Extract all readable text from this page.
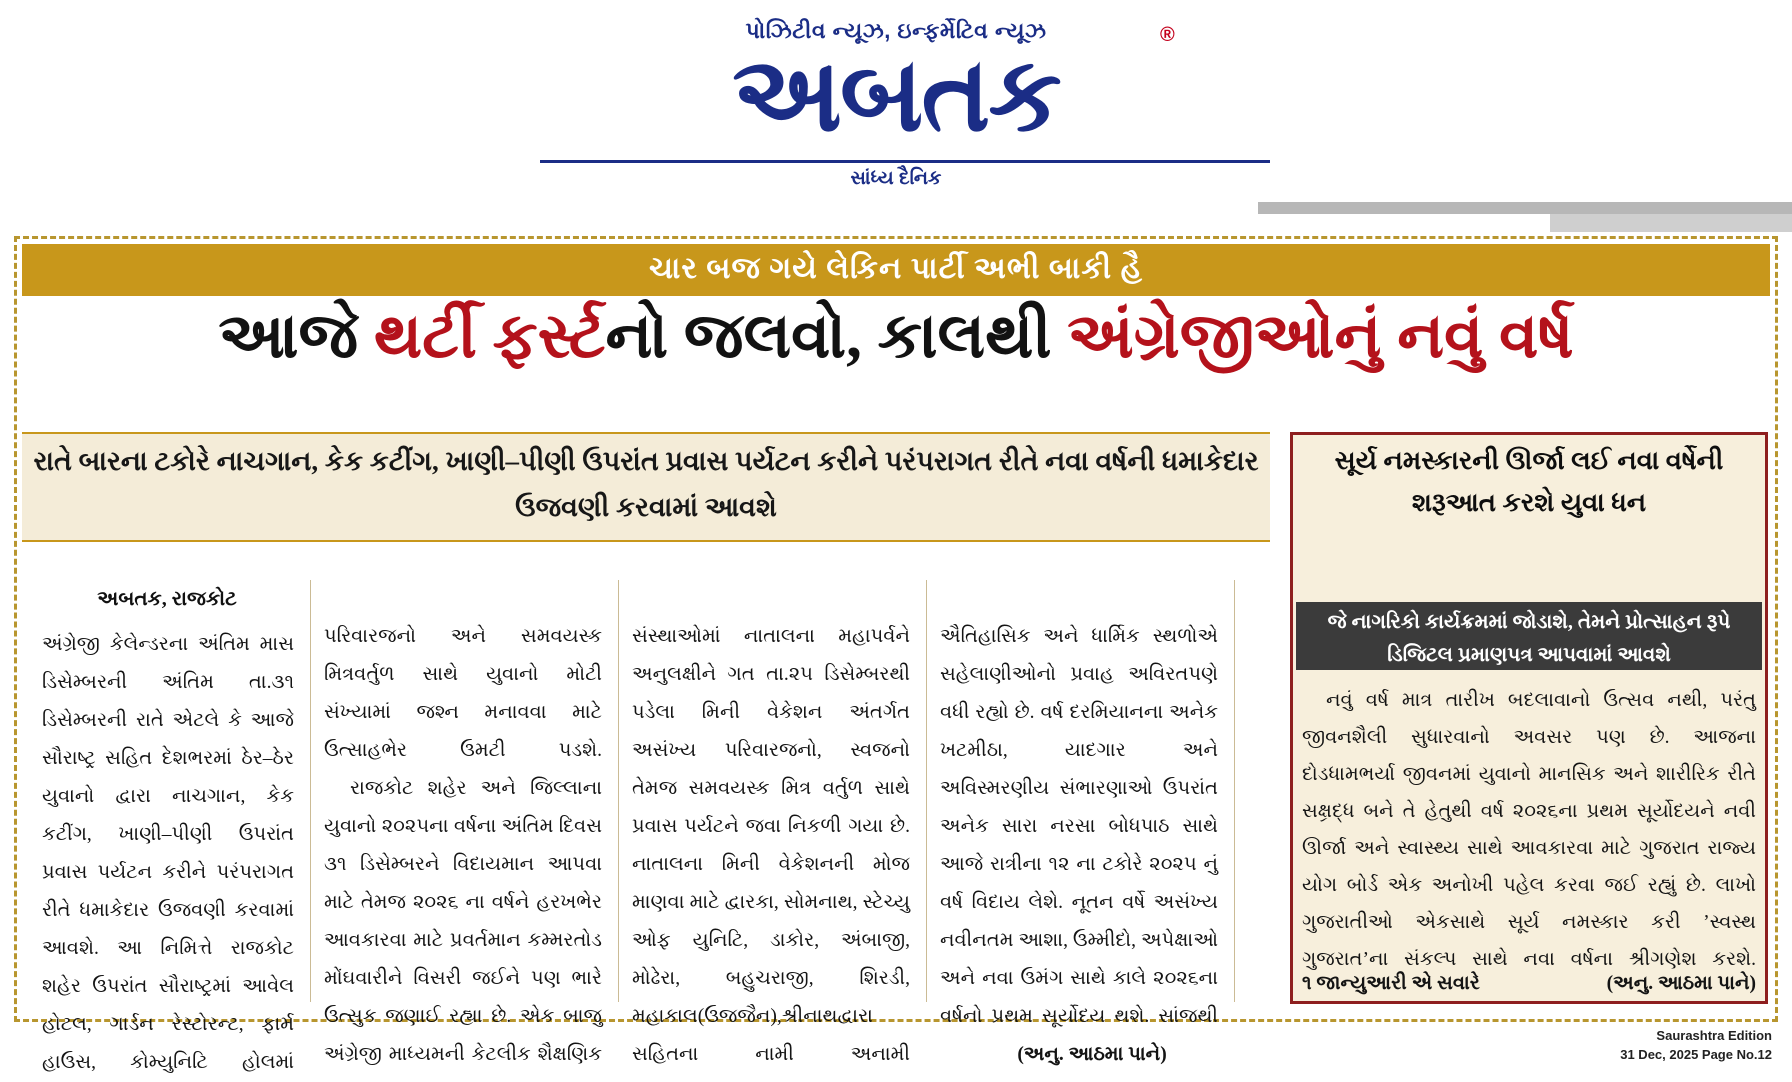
પોઝિટીવ ન્યૂઝ, ઇન્ફર્મેટિવ ન્યૂઝ
અબતક
®
સાંધ્ય દૈનિક
ચાર બજ ગયે લેકિન પાર્ટી અભી બાકી હૈ
આજે થર્ટી ફર્સ્ટનો જલવો, કાલથી અંગ્રેજીઓનું નવું વર્ષ
રાતે બારના ટકોરે નાચગાન, કેક કટીંગ, ખાણી–પીણી ઉપરાંત પ્રવાસ પર્યટન કરીને પરંપરાગત રીતે નવા વર્ષની ધમાકેદાર ઉજવણી કરવામાં આવશે
અબતક, રાજકોટ

અંગ્રેજી કેલેન્ડરના અંતિમ માસ ડિસેમ્બરની અંતિમ તા.૩૧ ડિસેમ્બરની રાતે એટલે કે આજે સૌરાષ્ટ્ર સહિત દેશભરમાં ઠેર–ઠેર યુવાનો દ્વારા નાચગાન, કેક કટીંગ, ખાણી–પીણી ઉપરાંત પ્રવાસ પર્યટન કરીને પરંપરાગત રીતે ધમાકેદાર ઉજવણી કરવામાં આવશે. આ નિમિત્તે રાજકોટ શહેર ઉપરાંત સૌરાષ્ટ્રમાં આવેલ હોટલ, ગાર્ડન રેસ્ટોરન્ટ, ફાર્મ હાઉસ, કોમ્યુનિટિ હોલમાં

પરિવારજનો અને સમવયસ્ક મિત્રવર્તુળ સાથે યુવાનો મોટી સંખ્યામાં જશ્ન મનાવવા માટે ઉત્સાહભેર ઉમટી પડશે.

રાજકોટ શહેર અને જિલ્લાના યુવાનો ૨૦૨૫ના વર્ષના અંતિમ દિવસ ૩૧ ડિસેમ્બરને વિદાયમાન આપવા માટે તેમજ ૨૦૨૬ ના વર્ષને હરખભેર આવકારવા માટે પ્રવર્તમાન કમ્મરતોડ મોંઘવારીને વિસરી જઈને પણ ભારે ઉત્સુક જણાઈ રહ્યા છે. એક બાજુ અંગ્રેજી માધ્યમની કેટલીક શૈક્ષણિક

સંસ્થાઓમાં નાતાલના મહાપર્વને અનુલક્ષીને ગત તા.૨૫ ડિસેમ્બરથી પડેલા મિની વેકેશન અંતર્ગત અસંખ્ય પરિવારજનો, સ્વજનો તેમજ સમવયસ્ક મિત્ર વર્તુળ સાથે પ્રવાસ પર્યટને જવા નિકળી ગયા છે. નાતાલના મિની વેકેશનની મોજ માણવા માટે દ્વારકા, સોમનાથ, સ્ટેચ્યુ ઓફ યુનિટિ, ડાકોર, અંબાજી, મોઢેરા, બહુચરાજી, શિરડી, મહાકાલ(ઉજજૈન),શ્રીનાથદ્વારા સહિતના નામી અનામી

ઐતિહાસિક અને ધાર્મિક સ્થળોએ સહેલાણીઓનો પ્રવાહ અવિરતપણે વધી રહ્યો છે. વર્ષ દરમિયાનના અનેક ખટમીઠા, યાદગાર અને અવિસ્મરણીય સંભારણાઓ ઉપરાંત અનેક સારા નરસા બોધપાઠ સાથે આજે રાત્રીના ૧૨ ના ટકોરે ૨૦૨૫ નું વર્ષ વિદાય લેશે. નૂતન વર્ષે અસંખ્ય નવીનતમ આશા, ઉમ્મીદો, અપેક્ષાઓ અને નવા ઉમંગ સાથે કાલે ૨૦૨૬ના વર્ષનો પ્રથમ સૂર્યોદય થશે. સાંજથી

(અનુ. આઠમા પાને)

સૂર્ય નમસ્કારની ઊર્જા લઈ નવા વર્ષેની શરૂઆત કરશે યુવા ધન
જે નાગરિકો કાર્યક્રમમાં જોડાશે, તેમને પ્રોત્સાહન રૂપે ડિજિટલ પ્રમાણપત્ર આપવામાં આવશે

નવું વર્ષ માત્ર તારીખ બદલાવાનો ઉત્સવ નથી, પરંતુ જીવનશૈલી સુધારવાનો અવસર પણ છે. આજના દોડધામભર્યા જીવનમાં યુવાનો માનસિક અને શારીરિક રીતે સક્ષ્રદ્ધ બને તે હેતુથી વર્ષ ૨૦૨૬ના પ્રથમ સૂર્યોદયને નવી ઊર્જા અને સ્વાસ્થ્ય સાથે આવકારવા માટે ગુજરાત રાજ્ય યોગ બોર્ડ એક અનોખી પહેલ કરવા જઈ રહ્યું છે. લાખો ગુજરાતીઓ એકસાથે સૂર્ય નમસ્કાર કરી ’સ્વસ્થ ગુજરાત’ના સંકલ્પ સાથે નવા વર્ષના શ્રીગણેશ કરશે.

૧ જાન્યુઆરી એ સવારે	(અનુ. આઠમા પાને)
Saurashtra Edition
31 Dec, 2025 Page No.12
